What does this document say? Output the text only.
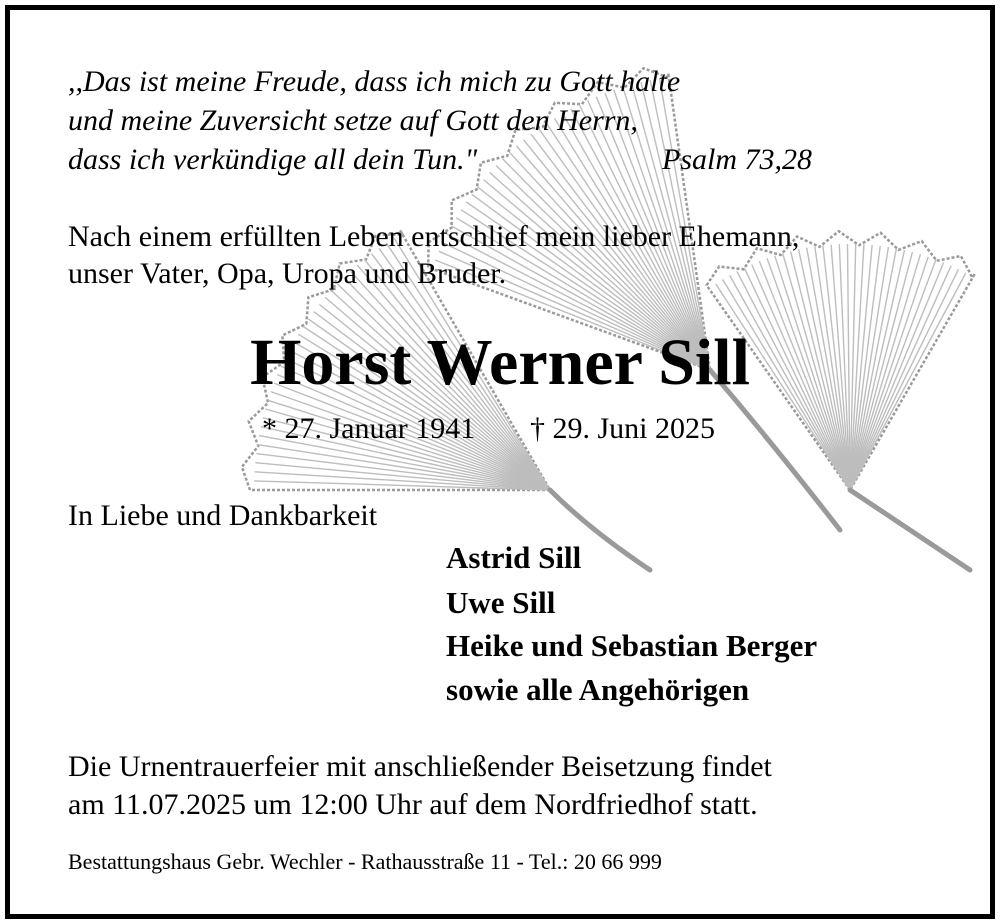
,,Das ist meine Freude, dass ich mich zu Gott halte
und meine Zuversicht setze auf Gott den Herrn,
dass ich verkündige all dein Tun."	Psalm 73,28
Nach einem erfüllten Leben entschlief mein lieber Ehemann,
unser Vater, Opa, Uropa und Bruder.
Horst Werner Sill
* 27. Januar 1941 † 29. Juni 2025
In Liebe und Dankbarkeit
Astrid Sill
Uwe Sill
Heike und Sebastian Berger
sowie alle Angehörigen
Die Urnentrauerfeier mit anschließender Beisetzung findet
am 11.07.2025 um 12:00 Uhr auf dem Nordfriedhof statt.
Bestattungshaus Gebr. Wechler - Rathausstraße 11 - Tel.: 20 66 999
